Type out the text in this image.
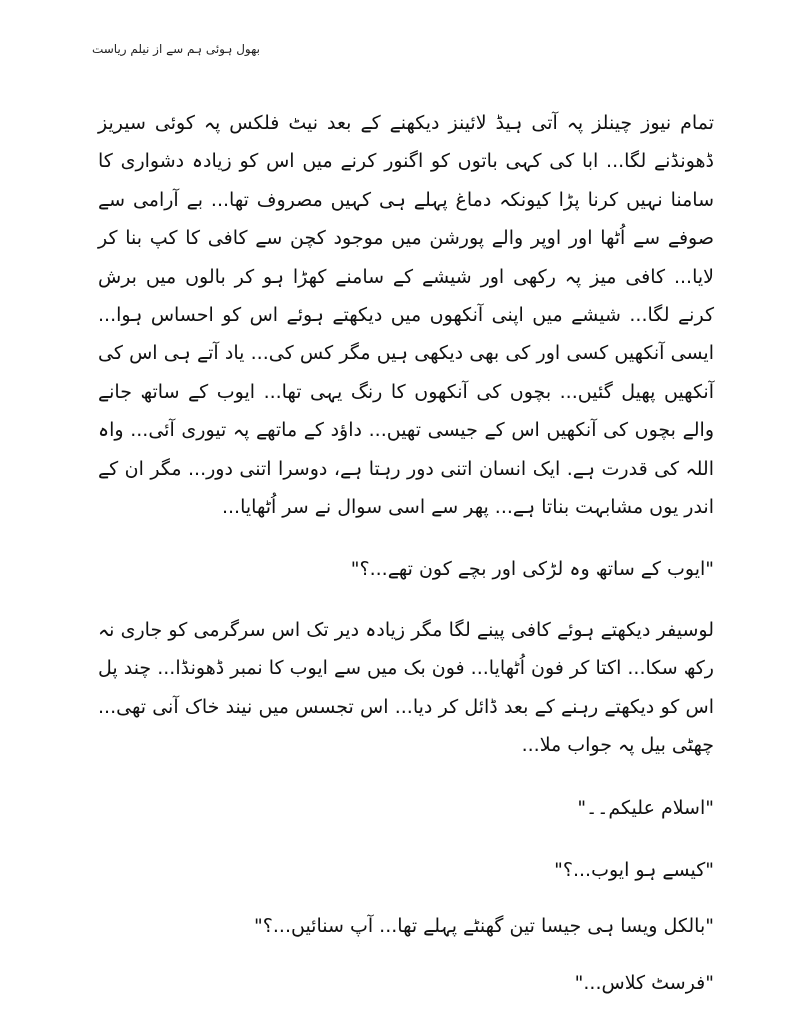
بھول ہوئی ہم سے از نیلم ریاست

تمام نیوز چینلز پہ آتی ہیڈ لائینز دیکھنے کے بعد نیٹ فلکس پہ کوئی سیریز ڈھونڈنے لگا... ابا کی کہی باتوں کو اگنور کرنے میں اس کو زیادہ دشواری کا سامنا نہیں کرنا پڑا کیونکہ دماغ پہلے ہی کہیں مصروف تھا... بے آرامی سے صوفے سے اُٹھا اور اوپر والے پورشن میں موجود کچن سے کافی کا کپ بنا کر لایا... کافی میز پہ رکھی اور شیشے کے سامنے کھڑا ہو کر بالوں میں برش کرنے لگا... شیشے میں اپنی آنکھوں میں دیکھتے ہوئے اس کو احساس ہوا... ایسی آنکھیں کسی اور کی بھی دیکھی ہیں مگر کس کی... یاد آتے ہی اس کی آنکھیں پھیل گئیں... بچوں کی آنکھوں کا رنگ یہی تھا... ایوب کے ساتھ جانے والے بچوں کی آنکھیں اس کے جیسی تھیں... داؤد کے ماتھے پہ تیوری آئی... واہ اللہ کی قدرت ہے. ایک انسان اتنی دور رہتا ہے، دوسرا اتنی دور... مگر ان کے اندر یوں مشابہت بناتا ہے... پھر سے اسی سوال نے سر اُٹھایا...

"ایوب کے ساتھ وہ لڑکی اور بچے کون تھے...؟"

لوسیفر دیکھتے ہوئے کافی پینے لگا مگر زیادہ دیر تک اس سرگرمی کو جاری نہ رکھ سکا... اکتا کر فون اُٹھایا... فون بک میں سے ایوب کا نمبر ڈھونڈا... چند پل اس کو دیکھتے رہنے کے بعد ڈائل کر دیا... اس تجسس میں نیند خاک آنی تھی... چھٹی بیل پہ جواب ملا...

"اسلام علیکم۔۔"

"کیسے ہو ایوب...؟"

"بالکل ویسا ہی جیسا تین گھنٹے پہلے تھا... آپ سنائیں...؟"

"فرسٹ کلاس..."
